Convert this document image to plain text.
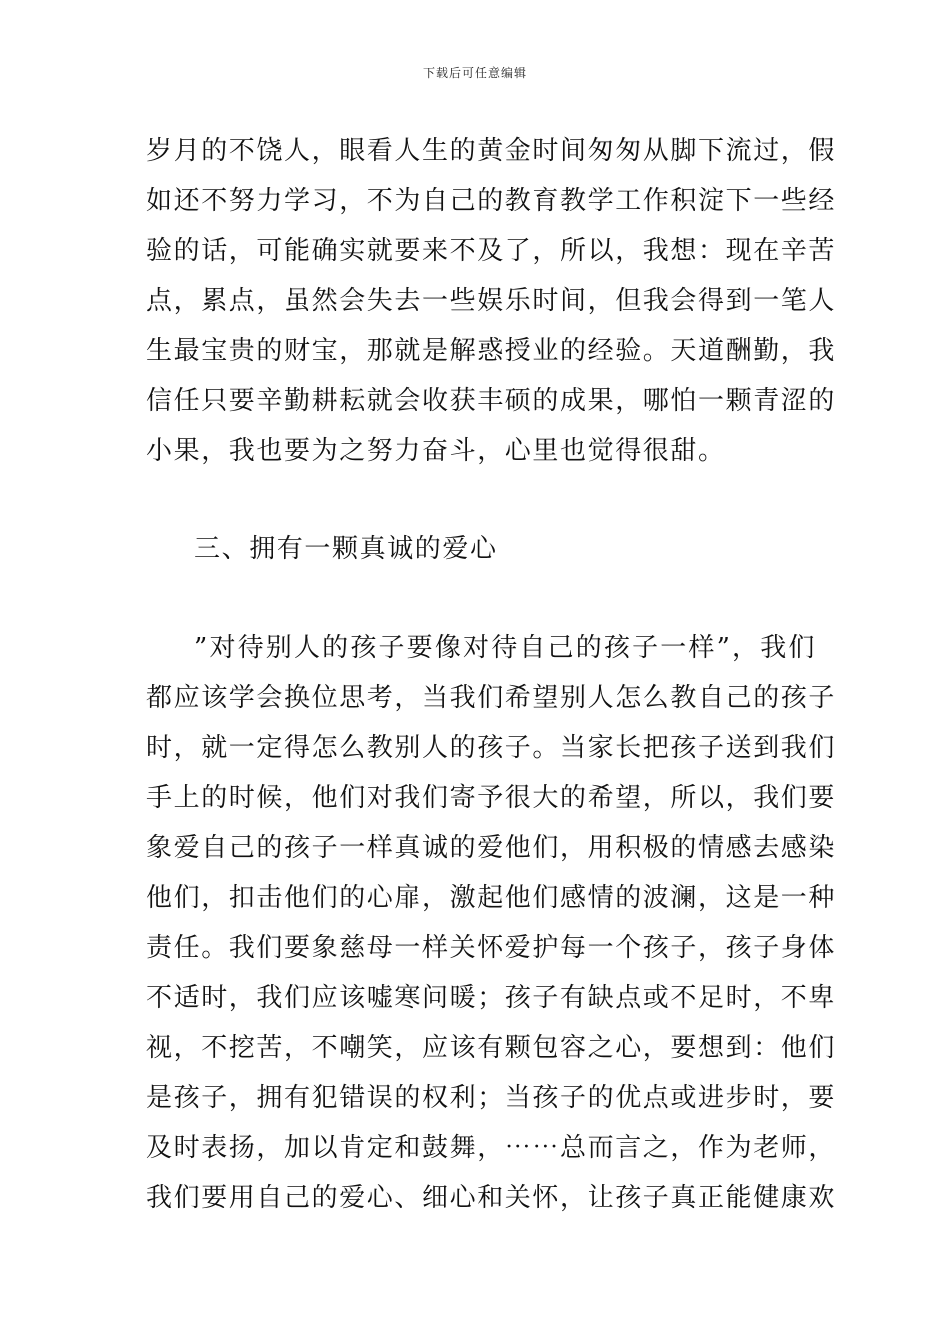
下载后可任意编辑
岁月的不饶人，眼看人生的黄金时间匆匆从脚下流过，假
如还不努力学习，不为自己的教育教学工作积淀下一些经
验的话，可能确实就要来不及了，所以，我想：现在辛苦
点，累点，虽然会失去一些娱乐时间，但我会得到一笔人
生最宝贵的财宝，那就是解惑授业的经验。天道酬勤，我
信任只要辛勤耕耘就会收获丰硕的成果，哪怕一颗青涩的
小果，我也要为之努力奋斗，心里也觉得很甜。
三、拥有一颗真诚的爱心
”对待别人的孩子要像对待自己的孩子一样”，我们
都应该学会换位思考，当我们希望别人怎么教自己的孩子
时，就一定得怎么教别人的孩子。当家长把孩子送到我们
手上的时候，他们对我们寄予很大的希望，所以，我们要
象爱自己的孩子一样真诚的爱他们，用积极的情感去感染
他们，扣击他们的心扉，激起他们感情的波澜，这是一种
责任。我们要象慈母一样关怀爱护每一个孩子，孩子身体
不适时，我们应该嘘寒问暖；孩子有缺点或不足时，不卑
视，不挖苦，不嘲笑，应该有颗包容之心，要想到：他们
是孩子，拥有犯错误的权利；当孩子的优点或进步时，要
及时表扬，加以肯定和鼓舞，⋯⋯总而言之，作为老师，
我们要用自己的爱心、细心和关怀，让孩子真正能健康欢
